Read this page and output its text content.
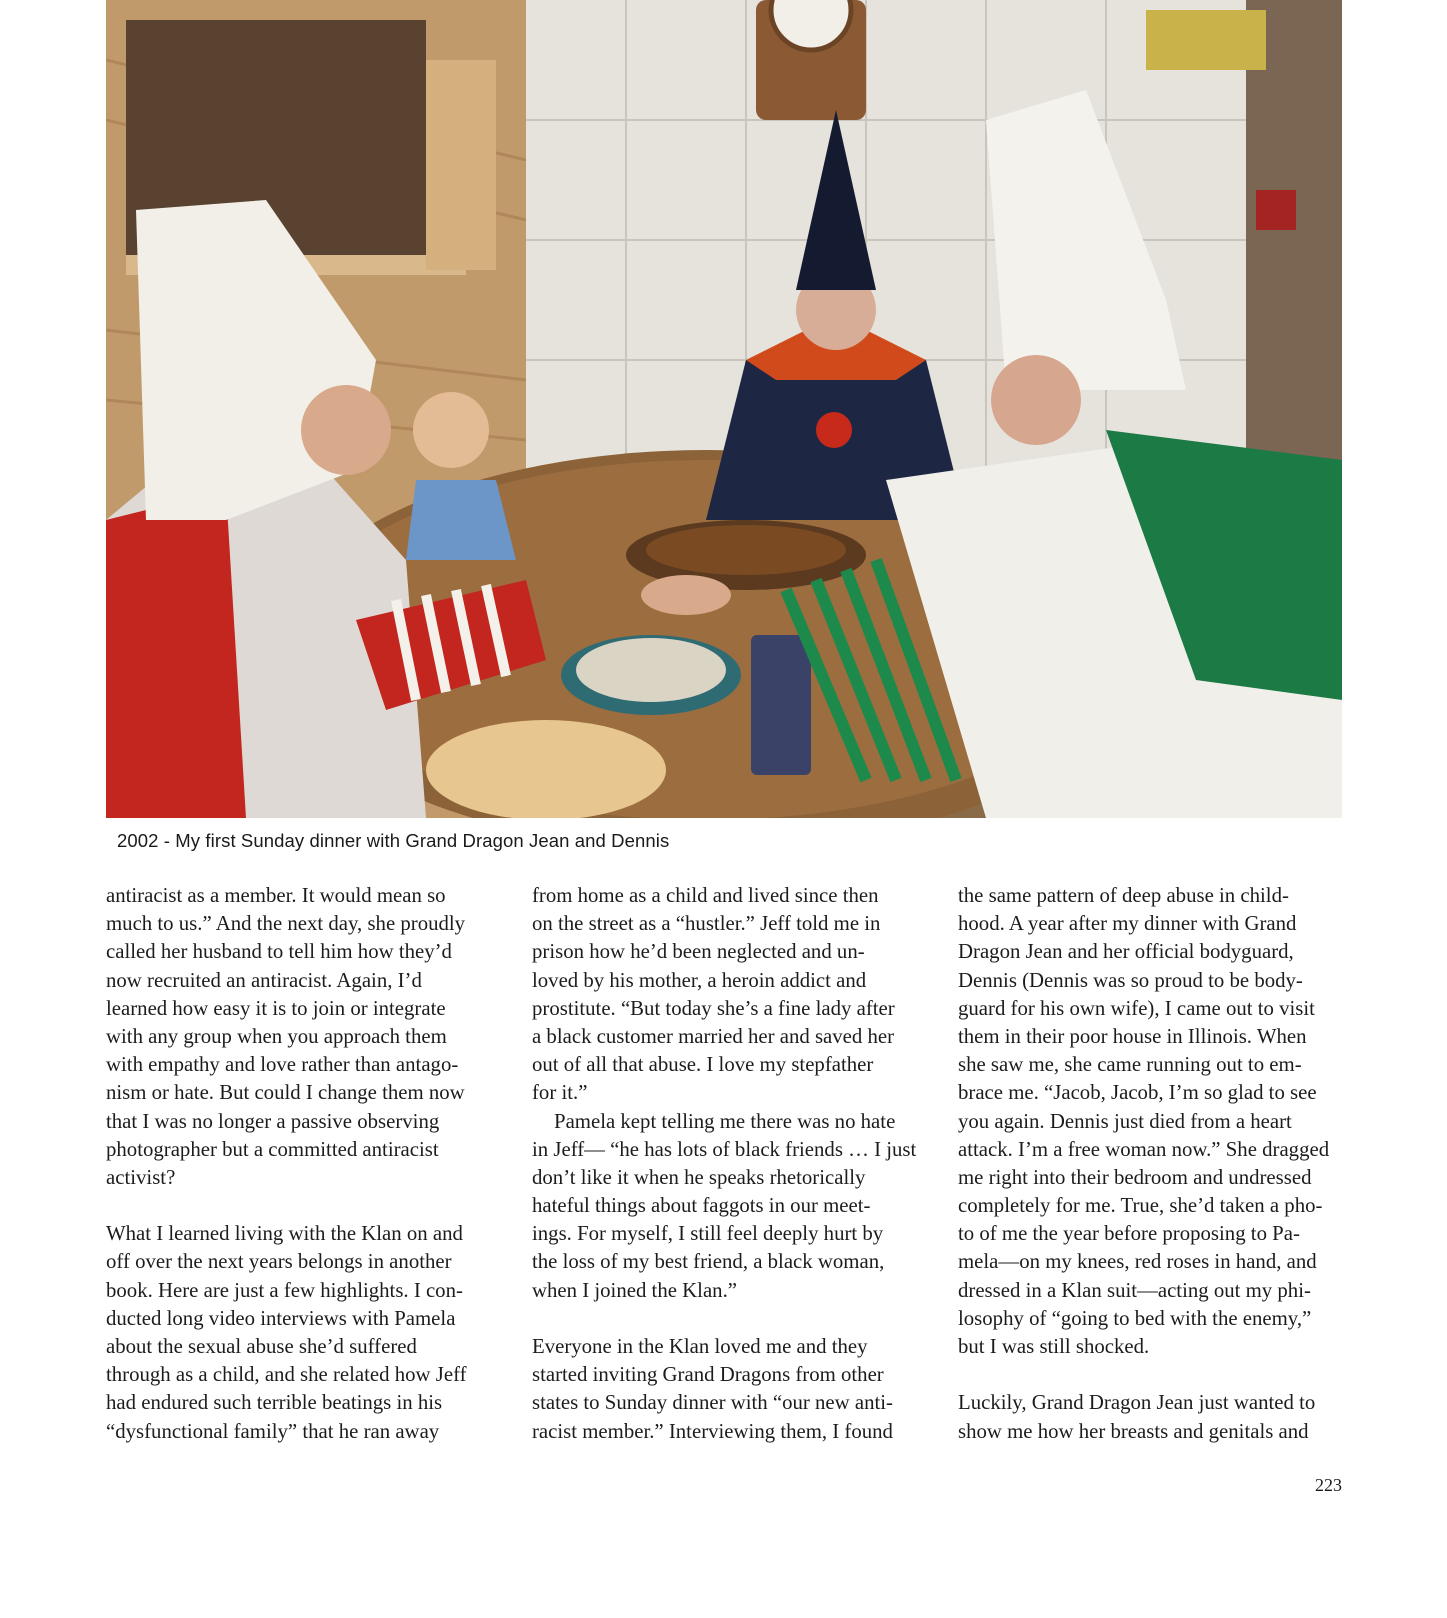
2002 - My first Sunday dinner with Grand Dragon Jean and Dennis
antiracist as a member. It would mean so
much to us.” And the next day, she proudly
called her husband to tell him how they’d
now recruited an antiracist. Again, I’d
learned how easy it is to join or integrate
with any group when you approach them
with empathy and love rather than antago-
nism or hate. But could I change them now
that I was no longer a passive observing
photographer but a committed antiracist
activist?
What I learned living with the Klan on and
off over the next years belongs in another
book. Here are just a few highlights. I con-
ducted long video interviews with Pamela
about the sexual abuse she’d suffered
through as a child, and she related how Jeff
had endured such terrible beatings in his
“dysfunctional family” that he ran away
from home as a child and lived since then
on the street as a “hustler.” Jeff told me in
prison how he’d been neglected and un-
loved by his mother, a heroin addict and
prostitute. “But today she’s a fine lady after
a black customer married her and saved her
out of all that abuse. I love my stepfather
for it.”
Pamela kept telling me there was no hate
in Jeff— “he has lots of black friends … I just
don’t like it when he speaks rhetorically
hateful things about faggots in our meet-
ings. For myself, I still feel deeply hurt by
the loss of my best friend, a black woman,
when I joined the Klan.”
Everyone in the Klan loved me and they
started inviting Grand Dragons from other
states to Sunday dinner with “our new anti-
racist member.” Interviewing them, I found
the same pattern of deep abuse in child-
hood. A year after my dinner with Grand
Dragon Jean and her official bodyguard,
Dennis (Dennis was so proud to be body-
guard for his own wife), I came out to visit
them in their poor house in Illinois. When
she saw me, she came running out to em-
brace me. “Jacob, Jacob, I’m so glad to see
you again. Dennis just died from a heart
attack. I’m a free woman now.” She dragged
me right into their bedroom and undressed
completely for me. True, she’d taken a pho-
to of me the year before proposing to Pa-
mela—on my knees, red roses in hand, and
dressed in a Klan suit—acting out my phi-
losophy of “going to bed with the enemy,”
but I was still shocked.
Luckily, Grand Dragon Jean just wanted to
show me how her breasts and genitals and
223
